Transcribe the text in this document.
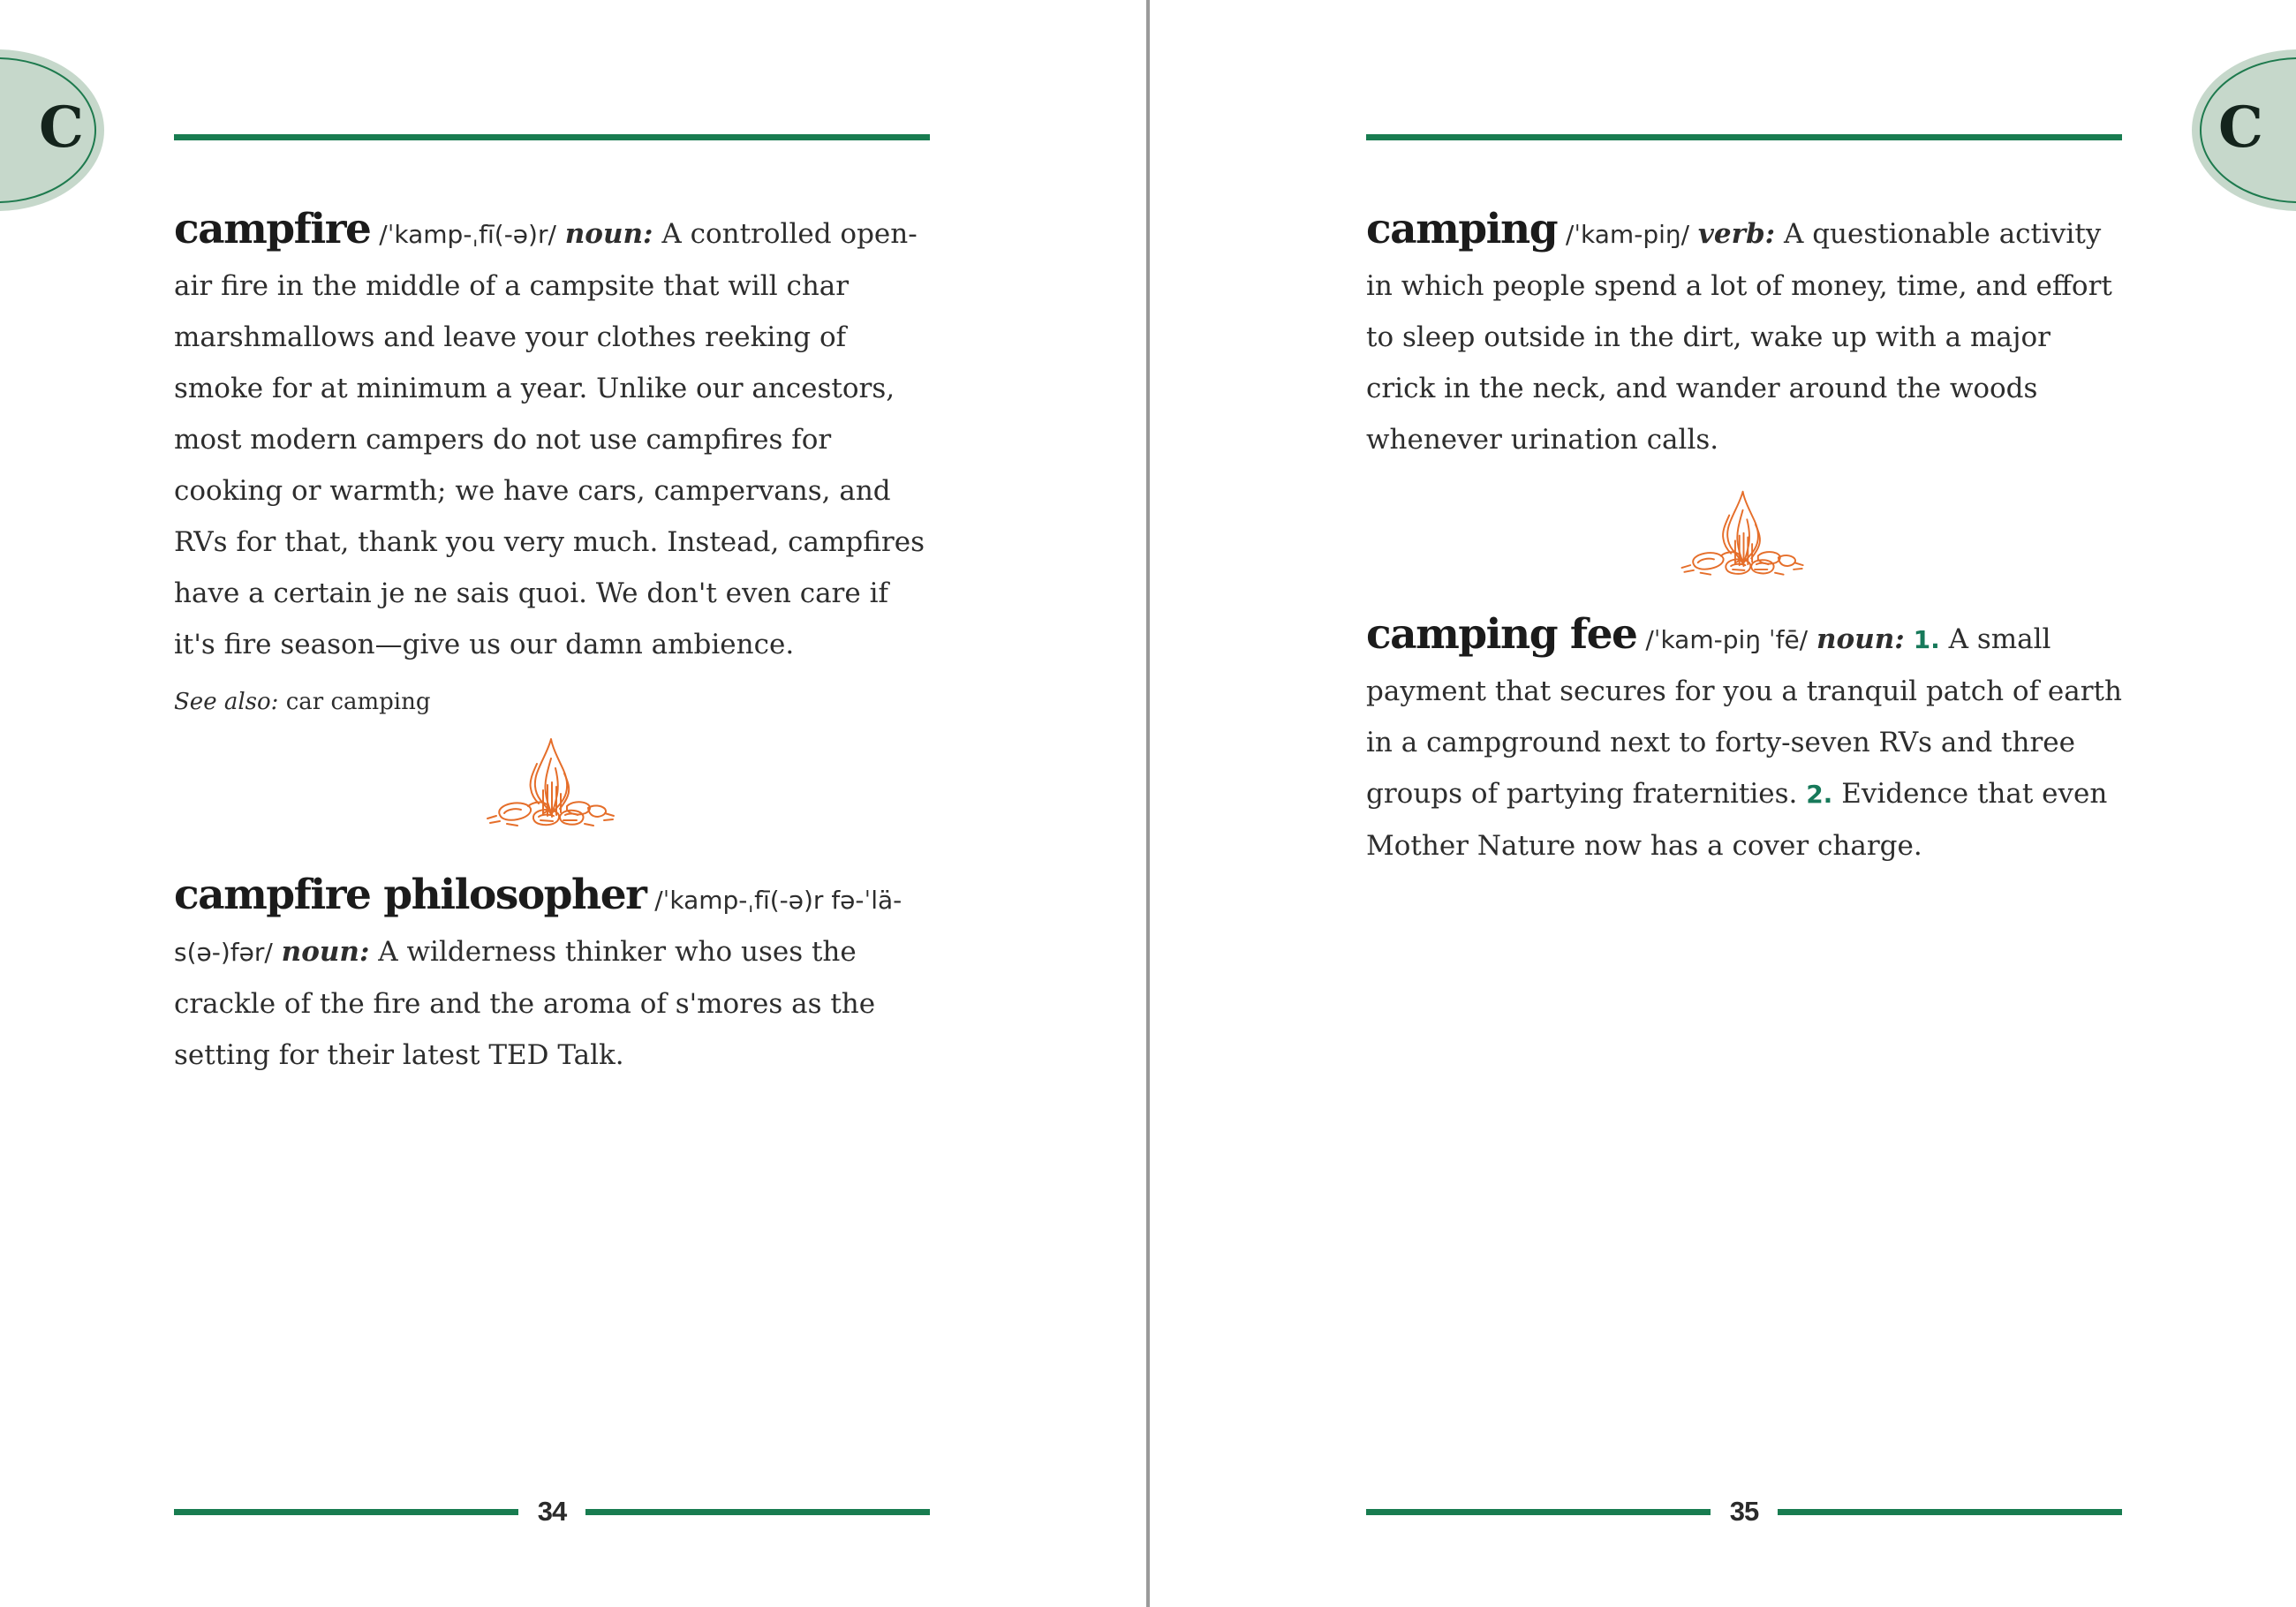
C

campfire /ˈkamp-ˌfī(-ə)r/ noun: A controlled open-air fire in the middle of a campsite that will char marshmallows and leave your clothes reeking of smoke for at minimum a year. Unlike our ancestors, most modern campers do not use campfires for cooking or warmth; we have cars, campervans, and RVs for that, thank you very much. Instead, campfires have a certain je ne sais quoi. We don't even care if it's fire season—give us our damn ambience.

See also: car camping

campfire philosopher /ˈkamp-ˌfī(-ə)r fə-ˈlä-s(ə-)fər/ noun: A wilderness thinker who uses the crackle of the fire and the aroma of s'mores as the setting for their latest TED Talk.

34
C

camping /ˈkam-piŋ/ verb: A questionable activity in which people spend a lot of money, time, and effort to sleep outside in the dirt, wake up with a major crick in the neck, and wander around the woods whenever urination calls.

camping fee /ˈkam-piŋ ˈfē/ noun: 1. A small payment that secures for you a tranquil patch of earth in a campground next to forty-seven RVs and three groups of partying fraternities. 2. Evidence that even Mother Nature now has a cover charge.

35
